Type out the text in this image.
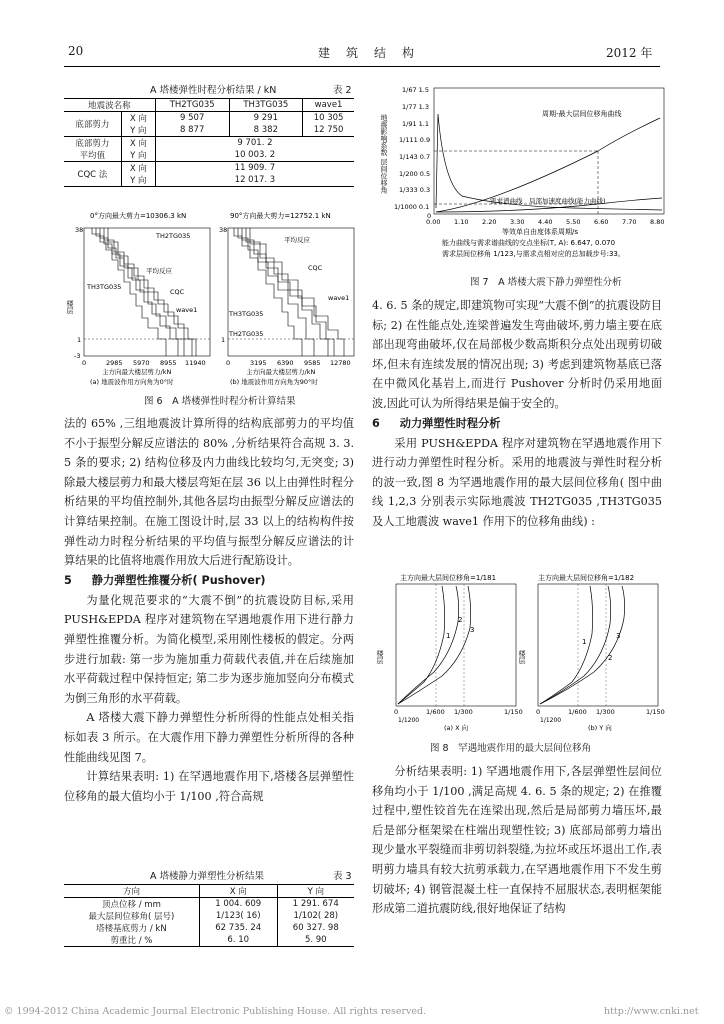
20	建　筑　结　构	2012 年
A 塔楼弹性时程分析结果 / kN	表 2
地震波名称		TH2TG035	TH3TG035	wave1
底部剪力	X 向	9 507	9 291	10 305
	Y 向	8 877	8 382	12 750
底部剪力	X 向	9 701. 2		
平均值	Y 向	10 003. 2		
CQC 法	X 向	11 909. 7		
	Y 向	12 017. 3		
0°方向最大剪力=10306.3 kN	90°方向最大剪力=12752.1 kN
38
1
-3
楼层
TH2TG035
平均反应
TH3TG035
CQC
wave1
0	2985 5970 8955 11940
主方向最大楼层剪力/kN
(a) 地震波作用方向角为0°时
38
1
平均反应
CQC
wave1
TH3TG035
TH2TG035
0	3195 6390 9585 12780
主方向最大楼层剪力/kN
(b) 地震波作用方向角为90°时
图 6　A 塔楼弹性时程分析计算结果

法的 65% ,三组地震波计算所得的结构底部剪力的平均值不小于振型分解反应谱法的 80% ,分析结果符合高规 3. 3. 5 条的要求; 2) 结构位移及内力曲线比较均匀,无突变; 3) 除最大楼层剪力和最大楼层弯矩在层 36 以上由弹性时程分析结果的平均值控制外,其他各层均由振型分解反应谱法的计算结果控制。在施工图设计时,层 33 以上的结构构件按弹性动力时程分析结果的平均值与振型分解反应谱法的计算结果的比值将地震作用放大后进行配筋设计。

5 静力弹塑性推覆分析( Pushover)

为量化规范要求的“大震不倒”的抗震设防目标,采用 PUSH&EPDA 程序对建筑物在罕遇地震作用下进行静力弹塑性推覆分析。为简化模型,采用刚性楼板的假定。分两步进行加载: 第一步为施加重力荷载代表值,并在后续施加水平荷载过程中保持恒定; 第二步为逐步施加竖向分布模式为倒三角形的水平荷载。

A 塔楼大震下静力弹塑性分析所得的性能点处相关指标如表 3 所示。在大震作用下静力弹塑性分析所得的各种性能曲线见图 7。

计算结果表明: 1) 在罕遇地震作用下,塔楼各层弹塑性位移角的最大值均小于 1/100 ,符合高规

A 塔楼静力弹塑性分析结果	表 3
方向	X 向	Y 向
顶点位移 / mm	1 004. 609	1 291. 674
最大层间位移角( 层号)	1/123( 16)	1/102( 28)
塔楼基底剪力 / kN	62 735. 24	60 327. 98
剪重比 / %	6. 10	5. 90
1/67 1.5
1/77 1.3
1/91 1.1
1/111 0.9
1/143 0.7
1/200 0.5
1/333 0.3
1/1000 0.1
0
地震影响系数 层间位移角	周期-最大层间位移角曲线
需求谱曲线　局部加速度曲线(能力曲线)
0.00 1.10 2.20 3.30 4.40 5.50 6.60 7.70 8.80
等效单自由度体系周期/s
能力曲线与需求谱曲线的交点坐标(T, A): 6.647, 0.070
需求层间位移角 1/123,与需求点相对应的总加载步号:33。
图 7　A 塔楼大震下静力弹塑性分析

4. 6. 5 条的规定,即建筑物可实现“大震不倒”的抗震设防目标; 2) 在性能点处,连梁普遍发生弯曲破坏,剪力墙主要在底部出现弯曲破坏,仅在局部极少数高斯积分点处出现剪切破坏,但未有连续发展的情况出现; 3) 考虑到建筑物基底已落在中微风化基岩上,而进行 Pushover 分析时仍采用地面波,因此可认为所得结果是偏于安全的。

6 动力弹塑性时程分析

采用 PUSH&EPDA 程序对建筑物在罕遇地震作用下进行动力弹塑性时程分析。采用的地震波与弹性时程分析的波一致,图 8 为罕遇地震作用的最大层间位移角( 图中曲线 1,2,3 分别表示实际地震波 TH2TG035 ,TH3TG035 及人工地震波 wave1 作用下的位移角曲线) :

主方向最大层间位移角=1/181	主方向最大层间位移角=1/182
楼层
1
2
3
0	1/600 1/300	1/150
1/1200
(a) X 向
楼层
1
2
3
0	1/600 1/300	1/150
1/1200
(b) Y 向
图 8　罕遇地震作用的最大层间位移角

分析结果表明: 1) 罕遇地震作用下,各层弹塑性层间位移角均小于 1/100 ,满足高规 4. 6. 5 条的规定; 2) 在推覆过程中,塑性铰首先在连梁出现,然后是局部剪力墙压坏,最后是部分框架梁在柱端出现塑性铰; 3) 底部局部剪力墙出现少量水平裂缝而非剪切斜裂缝,为拉坏或压坏退出工作,表明剪力墙具有较大抗剪承载力,在罕遇地震作用下不发生剪切破坏; 4) 钢管混凝土柱一直保持不屈服状态,表明框架能形成第二道抗震防线,很好地保证了结构

© 1994-2012 China Academic Journal Electronic Publishing House. All rights reserved.	http://www.cnki.net
